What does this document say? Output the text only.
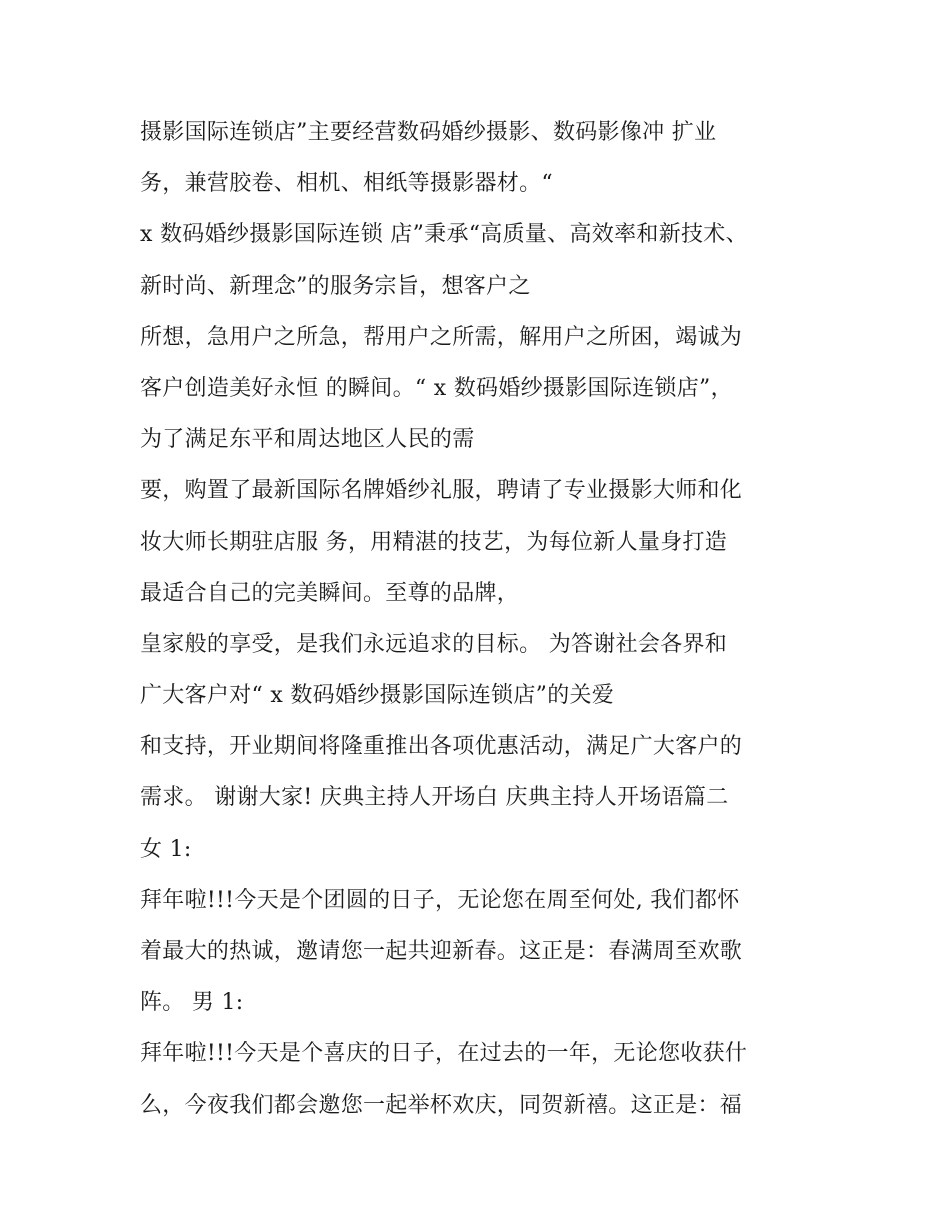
摄影国际连锁店”主要经营数码婚纱摄影、数码影像冲 扩业
务，兼营胶卷、相机、相纸等摄影器材。“
x 数码婚纱摄影国际连锁 店”秉承“高质量、高效率和新技术、
新时尚、新理念”的服务宗旨，想客户之
所想，急用户之所急，帮用户之所需，解用户之所困，竭诚为
客户创造美好永恒 的瞬间。“ x 数码婚纱摄影国际连锁店”，
为了满足东平和周达地区人民的需
要，购置了最新国际名牌婚纱礼服，聘请了专业摄影大师和化
妆大师长期驻店服 务，用精湛的技艺，为每位新人量身打造
最适合自己的完美瞬间。至尊的品牌，
皇家般的享受，是我们永远追求的目标。 为答谢社会各界和
广大客户对“ x 数码婚纱摄影国际连锁店”的关爱
和支持，开业期间将隆重推出各项优惠活动，满足广大客户的
需求。 谢谢大家! 庆典主持人开场白 庆典主持人开场语篇二
女 1:
拜年啦!!!今天是个团圆的日子，无论您在周至何处, 我们都怀
着最大的热诚，邀请您一起共迎新春。这正是：春满周至欢歌
阵。 男 1:
拜年啦!!!今天是个喜庆的日子，在过去的一年，无论您收获什
么，今夜我们都会邀您一起举杯欢庆，同贺新禧。这正是：福
